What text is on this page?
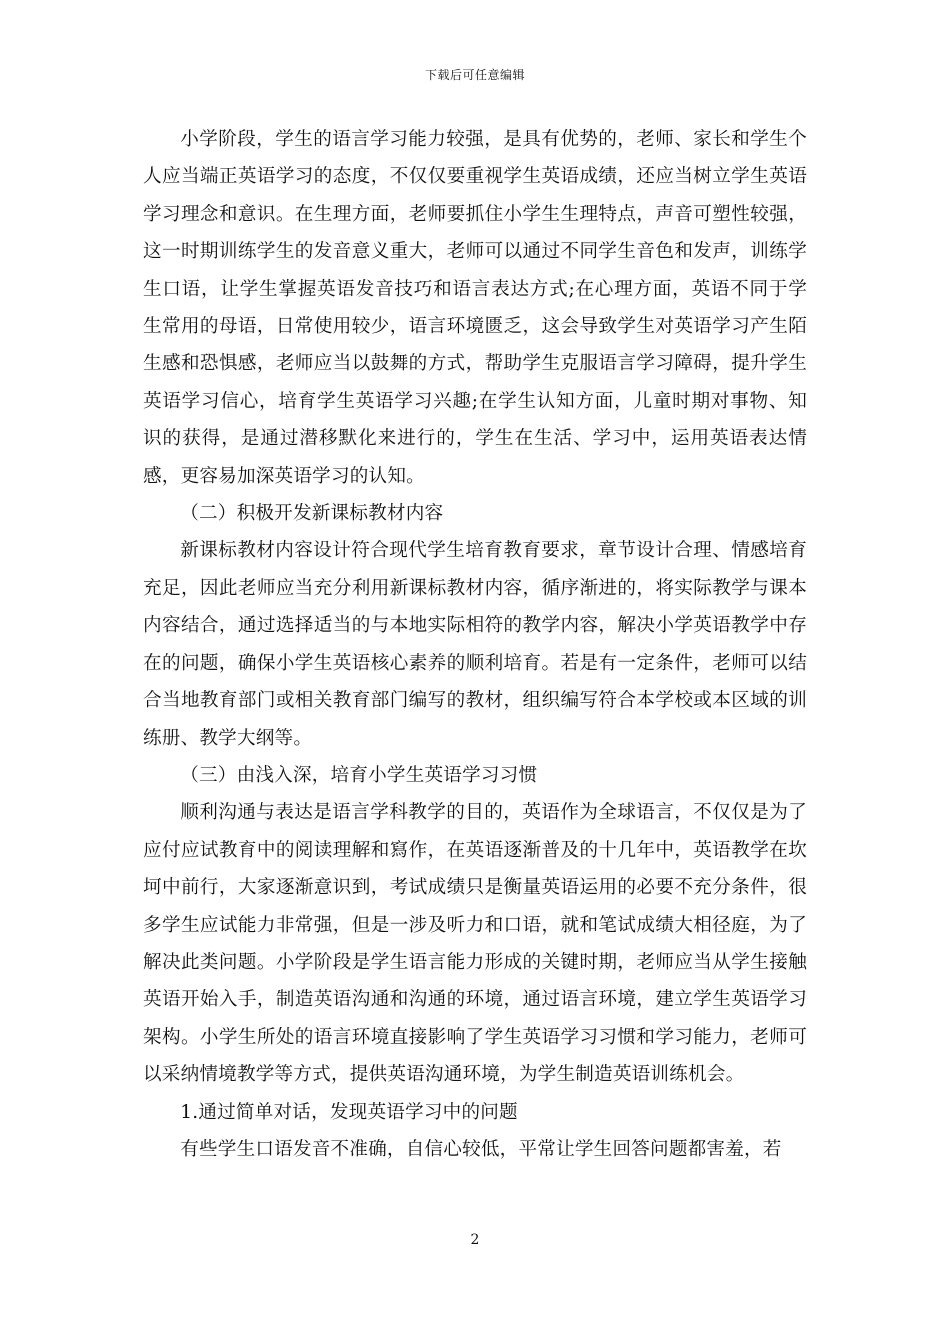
下载后可任意编辑

小学阶段，学生的语言学习能力较强，是具有优势的，老师、家长和学生个人应当端正英语学习的态度，不仅仅要重视学生英语成绩，还应当树立学生英语学习理念和意识。在生理方面，老师要抓住小学生生理特点，声音可塑性较强，这一时期训练学生的发音意义重大，老师可以通过不同学生音色和发声，训练学生口语，让学生掌握英语发音技巧和语言表达方式;在心理方面，英语不同于学生常用的母语，日常使用较少，语言环境匮乏，这会导致学生对英语学习产生陌生感和恐惧感，老师应当以鼓舞的方式，帮助学生克服语言学习障碍，提升学生英语学习信心，培育学生英语学习兴趣;在学生认知方面，儿童时期对事物、知识的获得，是通过潜移默化来进行的，学生在生活、学习中，运用英语表达情感，更容易加深英语学习的认知。

（二）积极开发新课标教材内容

新课标教材内容设计符合现代学生培育教育要求，章节设计合理、情感培育充足，因此老师应当充分利用新课标教材内容，循序渐进的，将实际教学与课本内容结合，通过选择适当的与本地实际相符的教学内容，解决小学英语教学中存在的问题，确保小学生英语核心素养的顺利培育。若是有一定条件，老师可以结合当地教育部门或相关教育部门编写的教材，组织编写符合本学校或本区域的训练册、教学大纲等。

（三）由浅入深，培育小学生英语学习习惯

顺利沟通与表达是语言学科教学的目的，英语作为全球语言，不仅仅是为了应付应试教育中的阅读理解和寫作，在英语逐渐普及的十几年中，英语教学在坎坷中前行，大家逐渐意识到，考试成绩只是衡量英语运用的必要不充分条件，很多学生应试能力非常强，但是一涉及听力和口语，就和笔试成绩大相径庭，为了解决此类问题。小学阶段是学生语言能力形成的关键时期，老师应当从学生接触英语开始入手，制造英语沟通和沟通的环境，通过语言环境，建立学生英语学习架构。小学生所处的语言环境直接影响了学生英语学习习惯和学习能力，老师可以采纳情境教学等方式，提供英语沟通环境，为学生制造英语训练机会。

1.通过简单对话，发现英语学习中的问题

有些学生口语发音不准确，自信心较低，平常让学生回答问题都害羞，若

2
